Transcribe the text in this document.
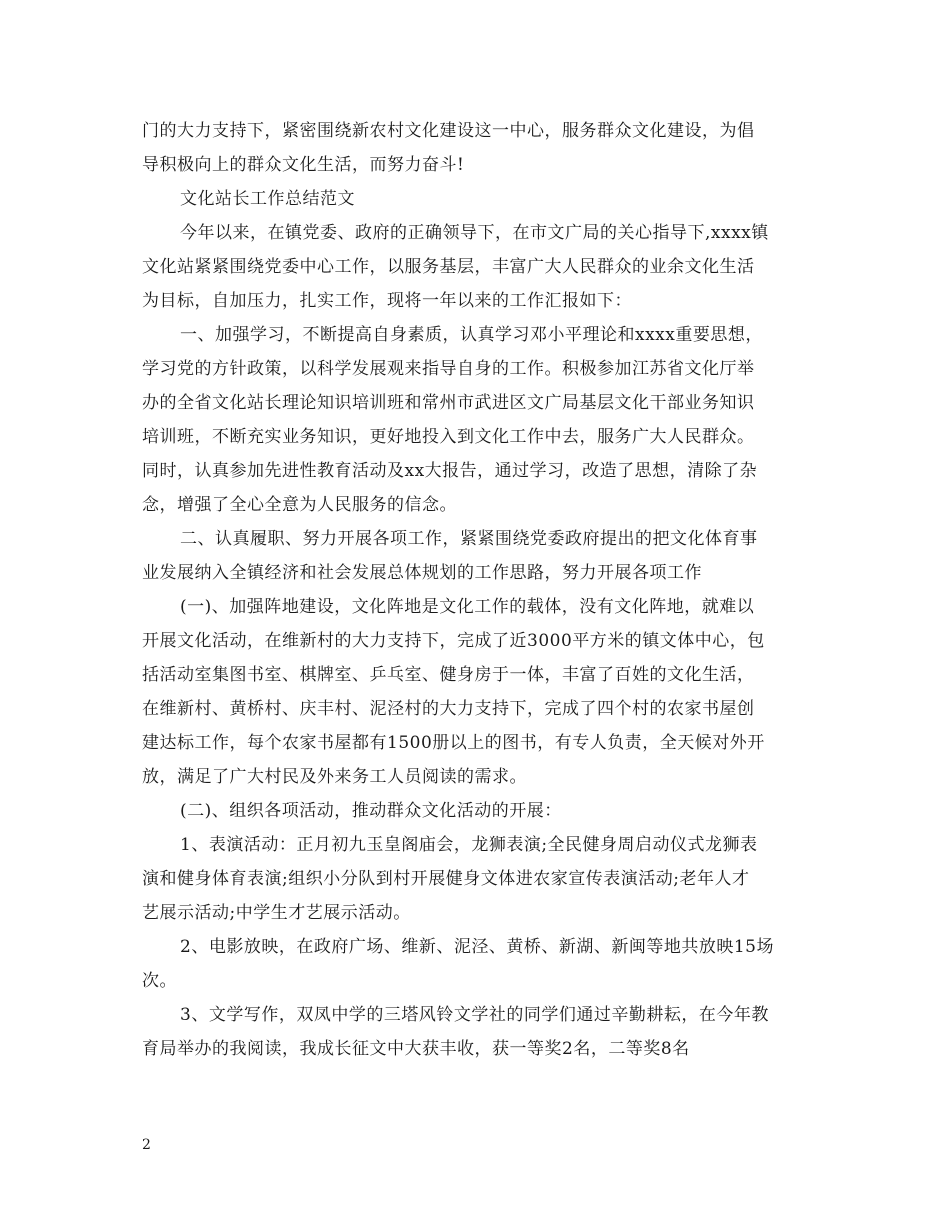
门的大力支持下，紧密围绕新农村文化建设这一中心，服务群众文化建设，为倡
导积极向上的群众文化生活，而努力奋斗!
文化站长工作总结范文
今年以来，在镇党委、政府的正确领导下，在市文广局的关心指导下,xxxx镇
文化站紧紧围绕党委中心工作，以服务基层，丰富广大人民群众的业余文化生活
为目标，自加压力，扎实工作，现将一年以来的工作汇报如下：
一、加强学习，不断提高自身素质，认真学习邓小平理论和xxxx重要思想，
学习党的方针政策，以科学发展观来指导自身的工作。积极参加江苏省文化厅举
办的全省文化站长理论知识培训班和常州市武进区文广局基层文化干部业务知识
培训班，不断充实业务知识，更好地投入到文化工作中去，服务广大人民群众。
同时，认真参加先进性教育活动及xx大报告，通过学习，改造了思想，清除了杂
念，增强了全心全意为人民服务的信念。
二、认真履职、努力开展各项工作，紧紧围绕党委政府提出的把文化体育事
业发展纳入全镇经济和社会发展总体规划的工作思路，努力开展各项工作
(一)、加强阵地建设，文化阵地是文化工作的载体，没有文化阵地，就难以
开展文化活动，在维新村的大力支持下，完成了近3000平方米的镇文体中心，包
括活动室集图书室、棋牌室、乒乓室、健身房于一体，丰富了百姓的文化生活，
在维新村、黄桥村、庆丰村、泥泾村的大力支持下，完成了四个村的农家书屋创
建达标工作，每个农家书屋都有1500册以上的图书，有专人负责，全天候对外开
放，满足了广大村民及外来务工人员阅读的需求。
(二)、组织各项活动，推动群众文化活动的开展：
1、表演活动：正月初九玉皇阁庙会，龙狮表演;全民健身周启动仪式龙狮表
演和健身体育表演;组织小分队到村开展健身文体进农家宣传表演活动;老年人才
艺展示活动;中学生才艺展示活动。
2、电影放映，在政府广场、维新、泥泾、黄桥、新湖、新闽等地共放映15场
次。
3、文学写作，双凤中学的三塔风铃文学社的同学们通过辛勤耕耘，在今年教
育局举办的我阅读，我成长征文中大获丰收，获一等奖2名，二等奖8名
2
